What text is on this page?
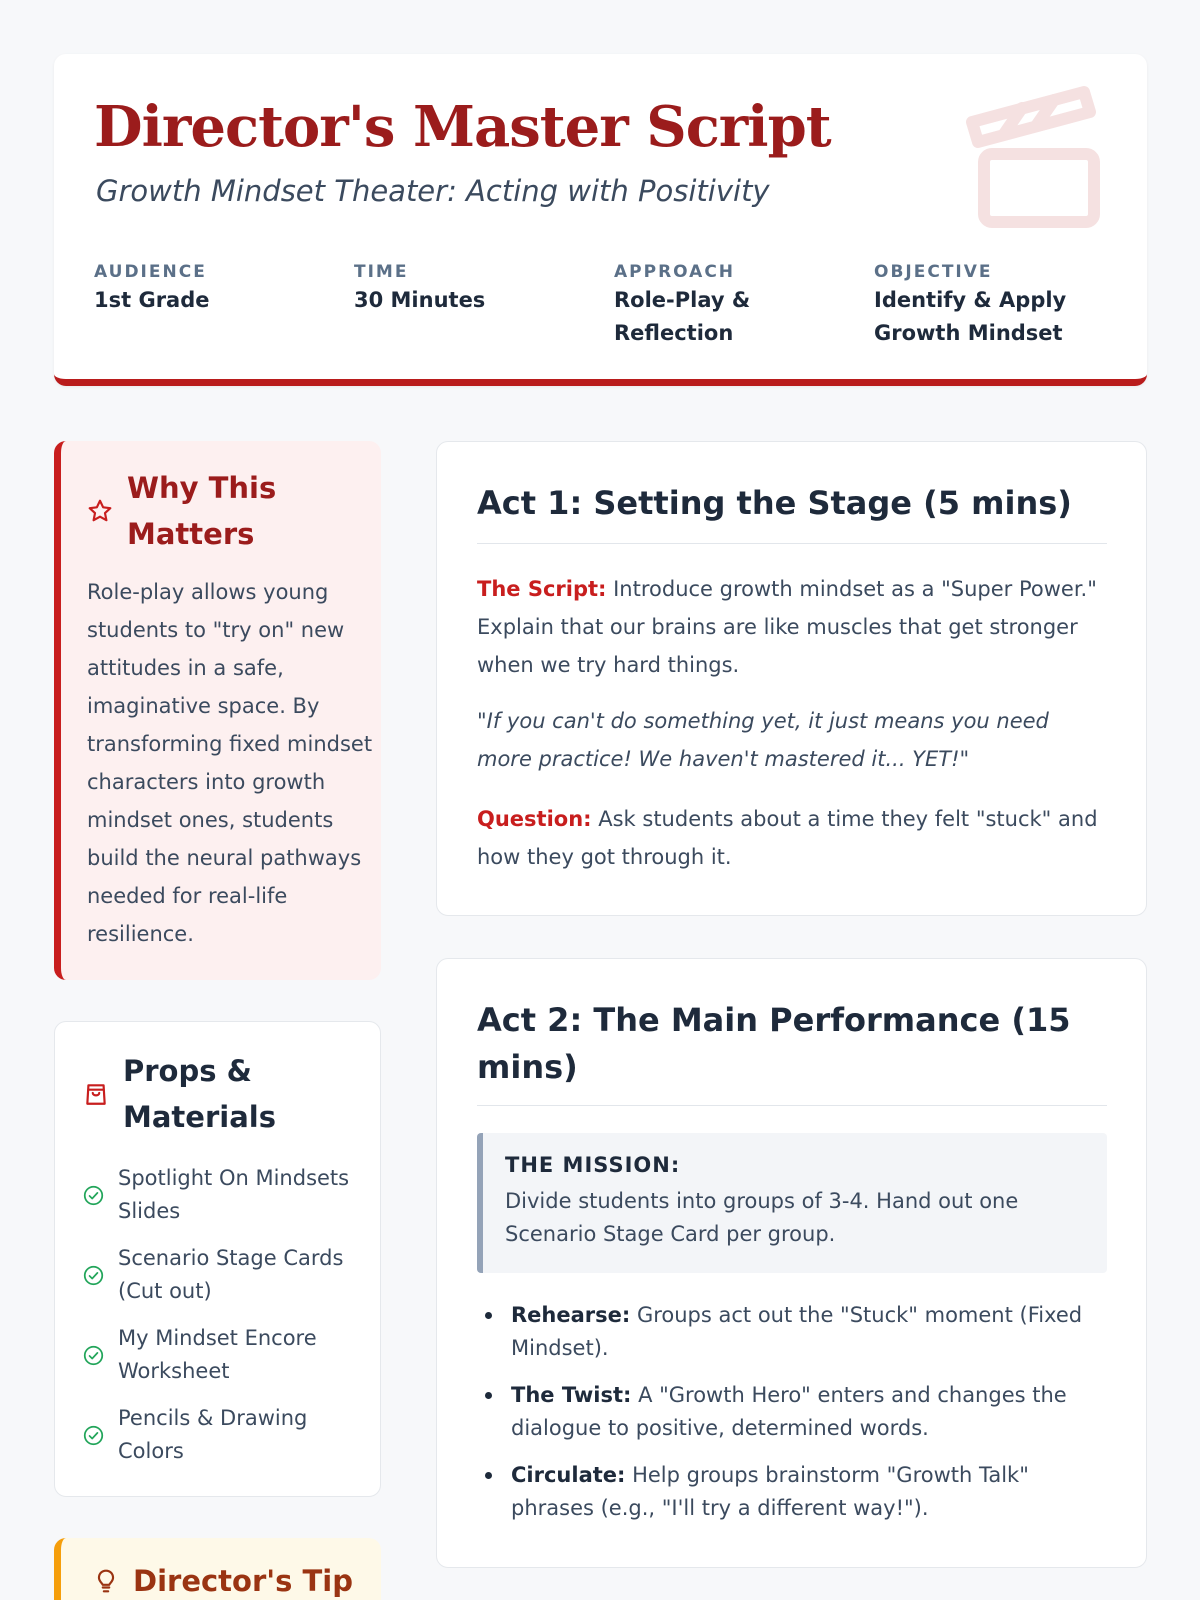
Director's Master Script
Growth Mindset Theater: Acting with Positivity
AUDIENCE
1st Grade
TIME
30 Minutes
APPROACH
Role-Play & Reflection
OBJECTIVE
Identify & Apply Growth Mindset
Why This Matters
Role-play allows young students to "try on" new attitudes in a safe, imaginative space. By transforming fixed mindset characters into growth mindset ones, students build the neural pathways needed for real-life resilience.
Props & Materials
Spotlight On Mindsets Slides
Scenario Stage Cards (Cut out)
My Mindset Encore Worksheet
Pencils & Drawing Colors
Director's Tip
Act 1: Setting the Stage (5 mins)
The Script: Introduce growth mindset as a "Super Power." Explain that our brains are like muscles that get stronger when we try hard things.
"If you can't do something yet, it just means you need more practice! We haven't mastered it... YET!"
Question: Ask students about a time they felt "stuck" and how they got through it.
Act 2: The Main Performance (15 mins)
THE MISSION:
Divide students into groups of 3-4. Hand out one Scenario Stage Card per group.
Rehearse: Groups act out the "Stuck" moment (Fixed Mindset).
The Twist: A "Growth Hero" enters and changes the dialogue to positive, determined words.
Circulate: Help groups brainstorm "Growth Talk" phrases (e.g., "I'll try a different way!").
